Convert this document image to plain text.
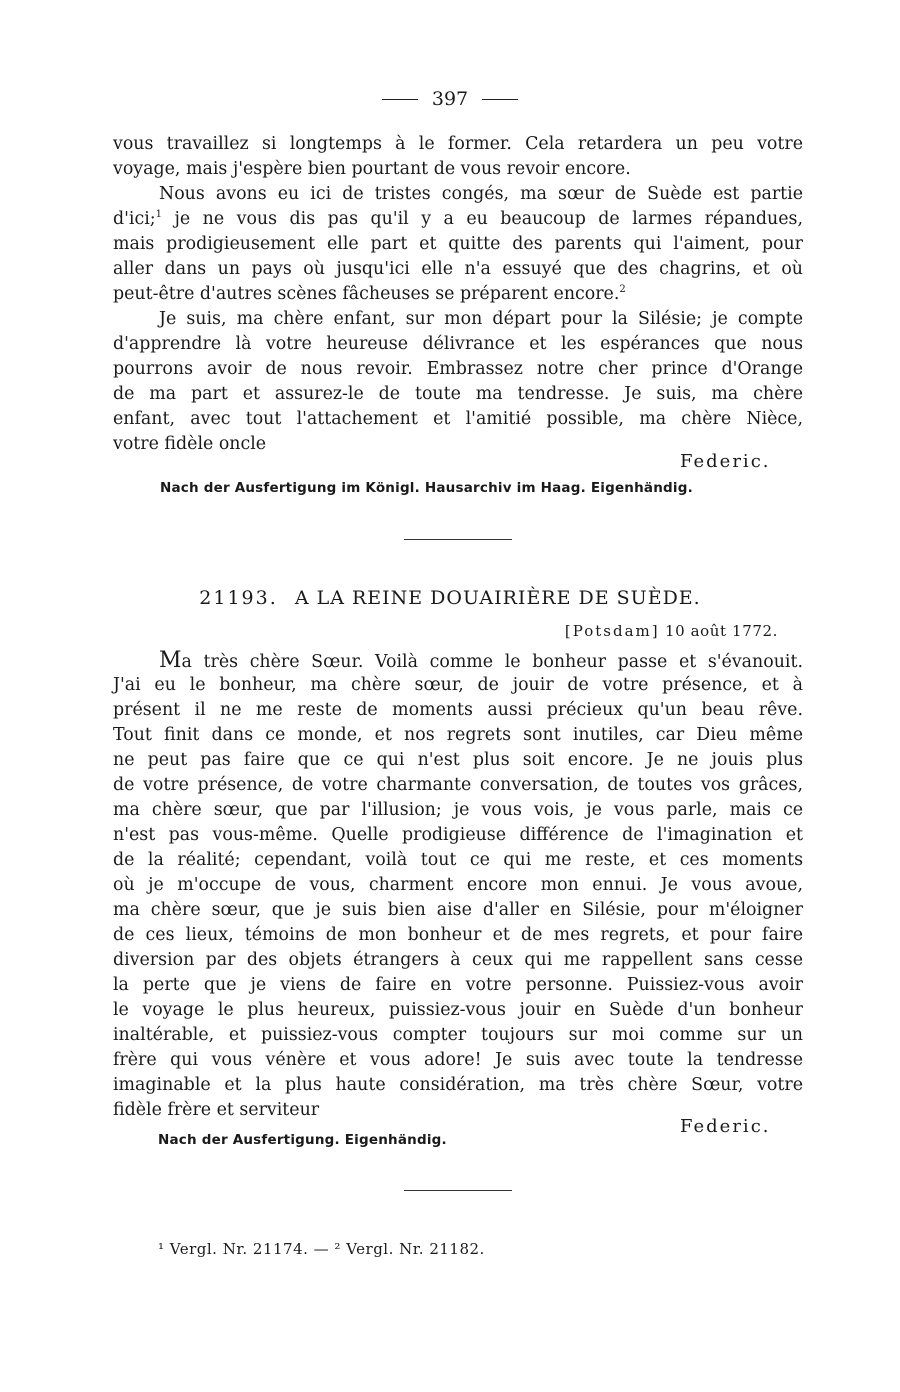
397
vous travaillez si longtemps à le former. Cela retardera un peu votre
voyage, mais j'espère bien pourtant de vous revoir encore.
Nous avons eu ici de tristes congés, ma sœur de Suède est partie
d'ici;$^1$ je ne vous dis pas qu'il y a eu beaucoup de larmes répandues,
mais prodigieusement elle part et quitte des parents qui l'aiment, pour
aller dans un pays où jusqu'ici elle n'a essuyé que des chagrins, et où
peut-être d'autres scènes fâcheuses se préparent encore.$^2$
Je suis, ma chère enfant, sur mon départ pour la Silésie; je compte
d'apprendre là votre heureuse délivrance et les espérances que nous
pourrons avoir de nous revoir. Embrassez notre cher prince d'Orange
de ma part et assurez-le de toute ma tendresse. Je suis, ma chère
enfant, avec tout l'attachement et l'amitié possible, ma chère Nièce,
votre fidèle oncle
Federic.
Nach der Ausfertigung im Königl. Hausarchiv im Haag. Eigenhändig.
21193. A LA REINE DOUAIRIÈRE DE SUÈDE.
[Potsdam] 10 août 1772.
Ma très chère Sœur. Voilà comme le bonheur passe et s'évanouit.
J'ai eu le bonheur, ma chère sœur, de jouir de votre présence, et à
présent il ne me reste de moments aussi précieux qu'un beau rêve.
Tout finit dans ce monde, et nos regrets sont inutiles, car Dieu même
ne peut pas faire que ce qui n'est plus soit encore. Je ne jouis plus
de votre présence, de votre charmante conversation, de toutes vos grâces,
ma chère sœur, que par l'illusion; je vous vois, je vous parle, mais ce
n'est pas vous-même. Quelle prodigieuse différence de l'imagination et
de la réalité; cependant, voilà tout ce qui me reste, et ces moments
où je m'occupe de vous, charment encore mon ennui. Je vous avoue,
ma chère sœur, que je suis bien aise d'aller en Silésie, pour m'éloigner
de ces lieux, témoins de mon bonheur et de mes regrets, et pour faire
diversion par des objets étrangers à ceux qui me rappellent sans cesse
la perte que je viens de faire en votre personne. Puissiez-vous avoir
le voyage le plus heureux, puissiez-vous jouir en Suède d'un bonheur
inaltérable, et puissiez-vous compter toujours sur moi comme sur un
frère qui vous vénère et vous adore! Je suis avec toute la tendresse
imaginable et la plus haute considération, ma très chère Sœur, votre
fidèle frère et serviteur
Federic.
Nach der Ausfertigung. Eigenhändig.
¹ Vergl. Nr. 21174. — ² Vergl. Nr. 21182.
